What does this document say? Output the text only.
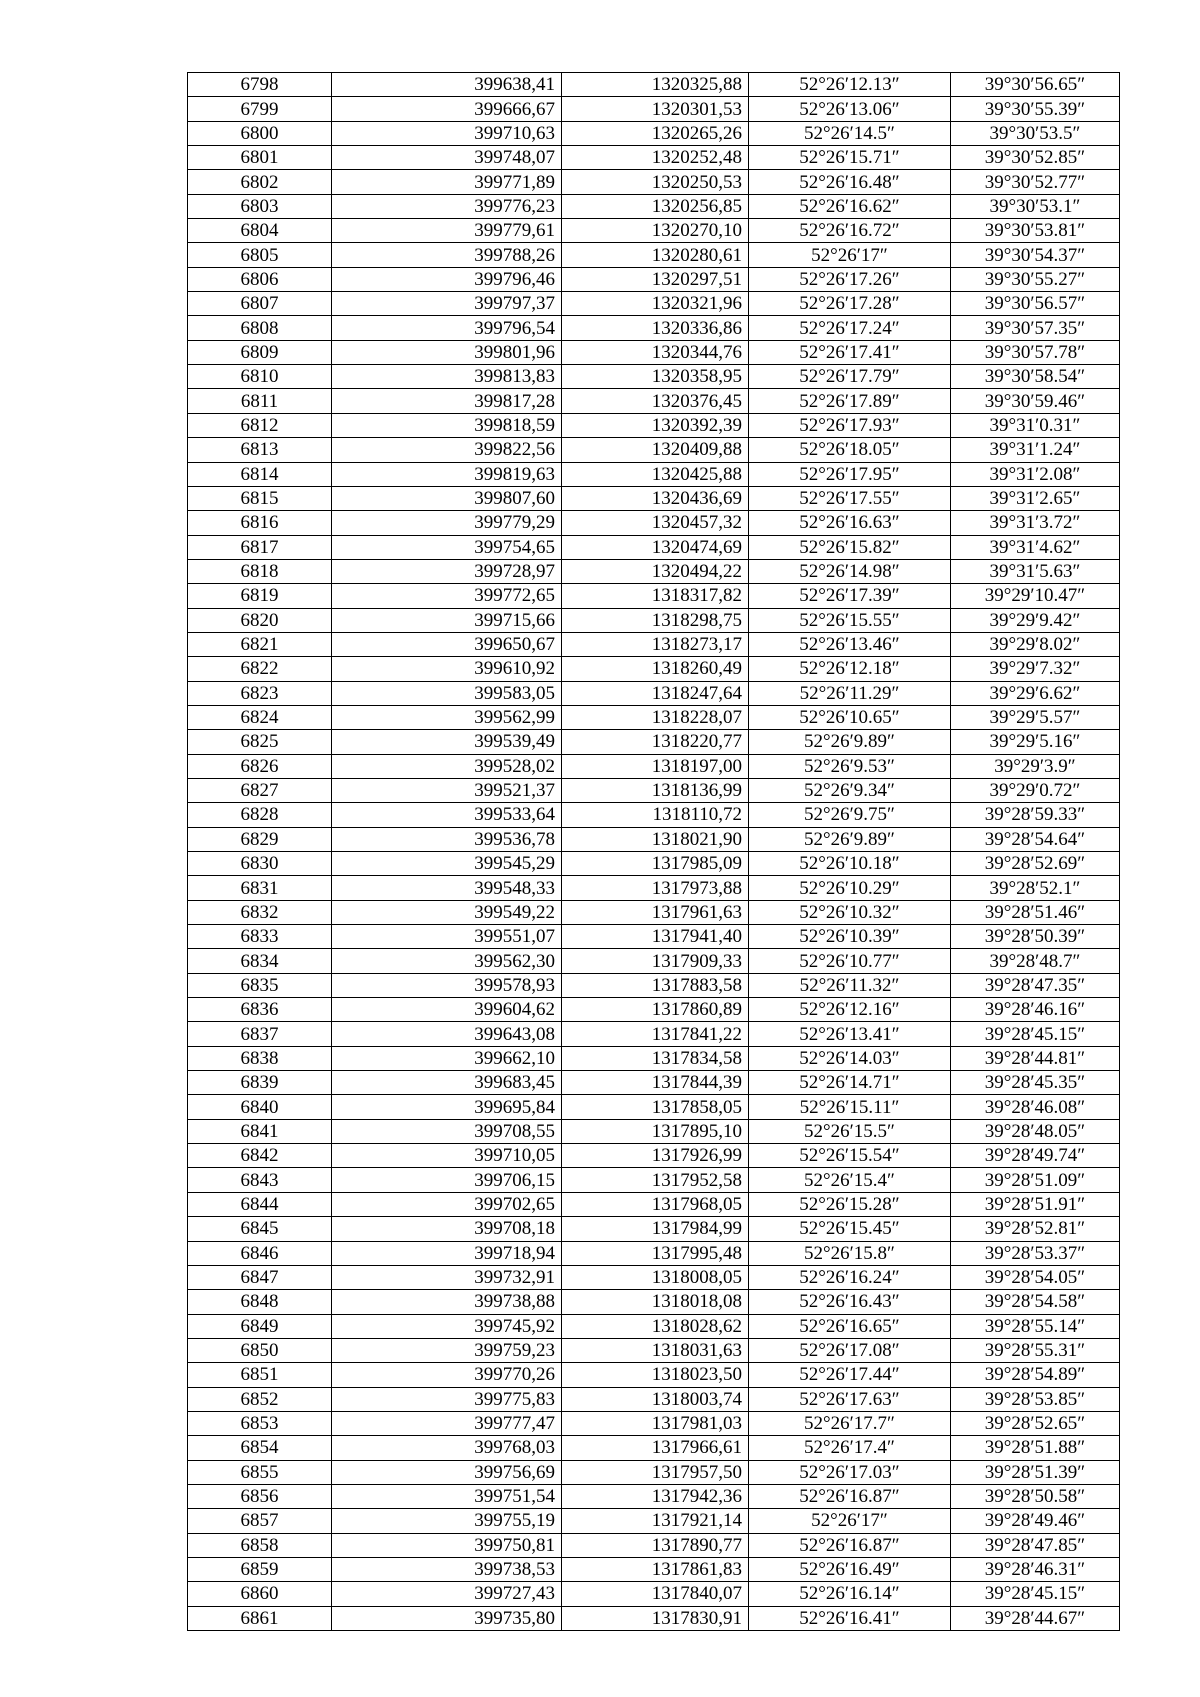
6798	399638,41	1320325,88	52°26′12.13″	39°30′56.65″
6799	399666,67	1320301,53	52°26′13.06″	39°30′55.39″
6800	399710,63	1320265,26	52°26′14.5″	39°30′53.5″
6801	399748,07	1320252,48	52°26′15.71″	39°30′52.85″
6802	399771,89	1320250,53	52°26′16.48″	39°30′52.77″
6803	399776,23	1320256,85	52°26′16.62″	39°30′53.1″
6804	399779,61	1320270,10	52°26′16.72″	39°30′53.81″
6805	399788,26	1320280,61	52°26′17″	39°30′54.37″
6806	399796,46	1320297,51	52°26′17.26″	39°30′55.27″
6807	399797,37	1320321,96	52°26′17.28″	39°30′56.57″
6808	399796,54	1320336,86	52°26′17.24″	39°30′57.35″
6809	399801,96	1320344,76	52°26′17.41″	39°30′57.78″
6810	399813,83	1320358,95	52°26′17.79″	39°30′58.54″
6811	399817,28	1320376,45	52°26′17.89″	39°30′59.46″
6812	399818,59	1320392,39	52°26′17.93″	39°31′0.31″
6813	399822,56	1320409,88	52°26′18.05″	39°31′1.24″
6814	399819,63	1320425,88	52°26′17.95″	39°31′2.08″
6815	399807,60	1320436,69	52°26′17.55″	39°31′2.65″
6816	399779,29	1320457,32	52°26′16.63″	39°31′3.72″
6817	399754,65	1320474,69	52°26′15.82″	39°31′4.62″
6818	399728,97	1320494,22	52°26′14.98″	39°31′5.63″
6819	399772,65	1318317,82	52°26′17.39″	39°29′10.47″
6820	399715,66	1318298,75	52°26′15.55″	39°29′9.42″
6821	399650,67	1318273,17	52°26′13.46″	39°29′8.02″
6822	399610,92	1318260,49	52°26′12.18″	39°29′7.32″
6823	399583,05	1318247,64	52°26′11.29″	39°29′6.62″
6824	399562,99	1318228,07	52°26′10.65″	39°29′5.57″
6825	399539,49	1318220,77	52°26′9.89″	39°29′5.16″
6826	399528,02	1318197,00	52°26′9.53″	39°29′3.9″
6827	399521,37	1318136,99	52°26′9.34″	39°29′0.72″
6828	399533,64	1318110,72	52°26′9.75″	39°28′59.33″
6829	399536,78	1318021,90	52°26′9.89″	39°28′54.64″
6830	399545,29	1317985,09	52°26′10.18″	39°28′52.69″
6831	399548,33	1317973,88	52°26′10.29″	39°28′52.1″
6832	399549,22	1317961,63	52°26′10.32″	39°28′51.46″
6833	399551,07	1317941,40	52°26′10.39″	39°28′50.39″
6834	399562,30	1317909,33	52°26′10.77″	39°28′48.7″
6835	399578,93	1317883,58	52°26′11.32″	39°28′47.35″
6836	399604,62	1317860,89	52°26′12.16″	39°28′46.16″
6837	399643,08	1317841,22	52°26′13.41″	39°28′45.15″
6838	399662,10	1317834,58	52°26′14.03″	39°28′44.81″
6839	399683,45	1317844,39	52°26′14.71″	39°28′45.35″
6840	399695,84	1317858,05	52°26′15.11″	39°28′46.08″
6841	399708,55	1317895,10	52°26′15.5″	39°28′48.05″
6842	399710,05	1317926,99	52°26′15.54″	39°28′49.74″
6843	399706,15	1317952,58	52°26′15.4″	39°28′51.09″
6844	399702,65	1317968,05	52°26′15.28″	39°28′51.91″
6845	399708,18	1317984,99	52°26′15.45″	39°28′52.81″
6846	399718,94	1317995,48	52°26′15.8″	39°28′53.37″
6847	399732,91	1318008,05	52°26′16.24″	39°28′54.05″
6848	399738,88	1318018,08	52°26′16.43″	39°28′54.58″
6849	399745,92	1318028,62	52°26′16.65″	39°28′55.14″
6850	399759,23	1318031,63	52°26′17.08″	39°28′55.31″
6851	399770,26	1318023,50	52°26′17.44″	39°28′54.89″
6852	399775,83	1318003,74	52°26′17.63″	39°28′53.85″
6853	399777,47	1317981,03	52°26′17.7″	39°28′52.65″
6854	399768,03	1317966,61	52°26′17.4″	39°28′51.88″
6855	399756,69	1317957,50	52°26′17.03″	39°28′51.39″
6856	399751,54	1317942,36	52°26′16.87″	39°28′50.58″
6857	399755,19	1317921,14	52°26′17″	39°28′49.46″
6858	399750,81	1317890,77	52°26′16.87″	39°28′47.85″
6859	399738,53	1317861,83	52°26′16.49″	39°28′46.31″
6860	399727,43	1317840,07	52°26′16.14″	39°28′45.15″
6861	399735,80	1317830,91	52°26′16.41″	39°28′44.67″
